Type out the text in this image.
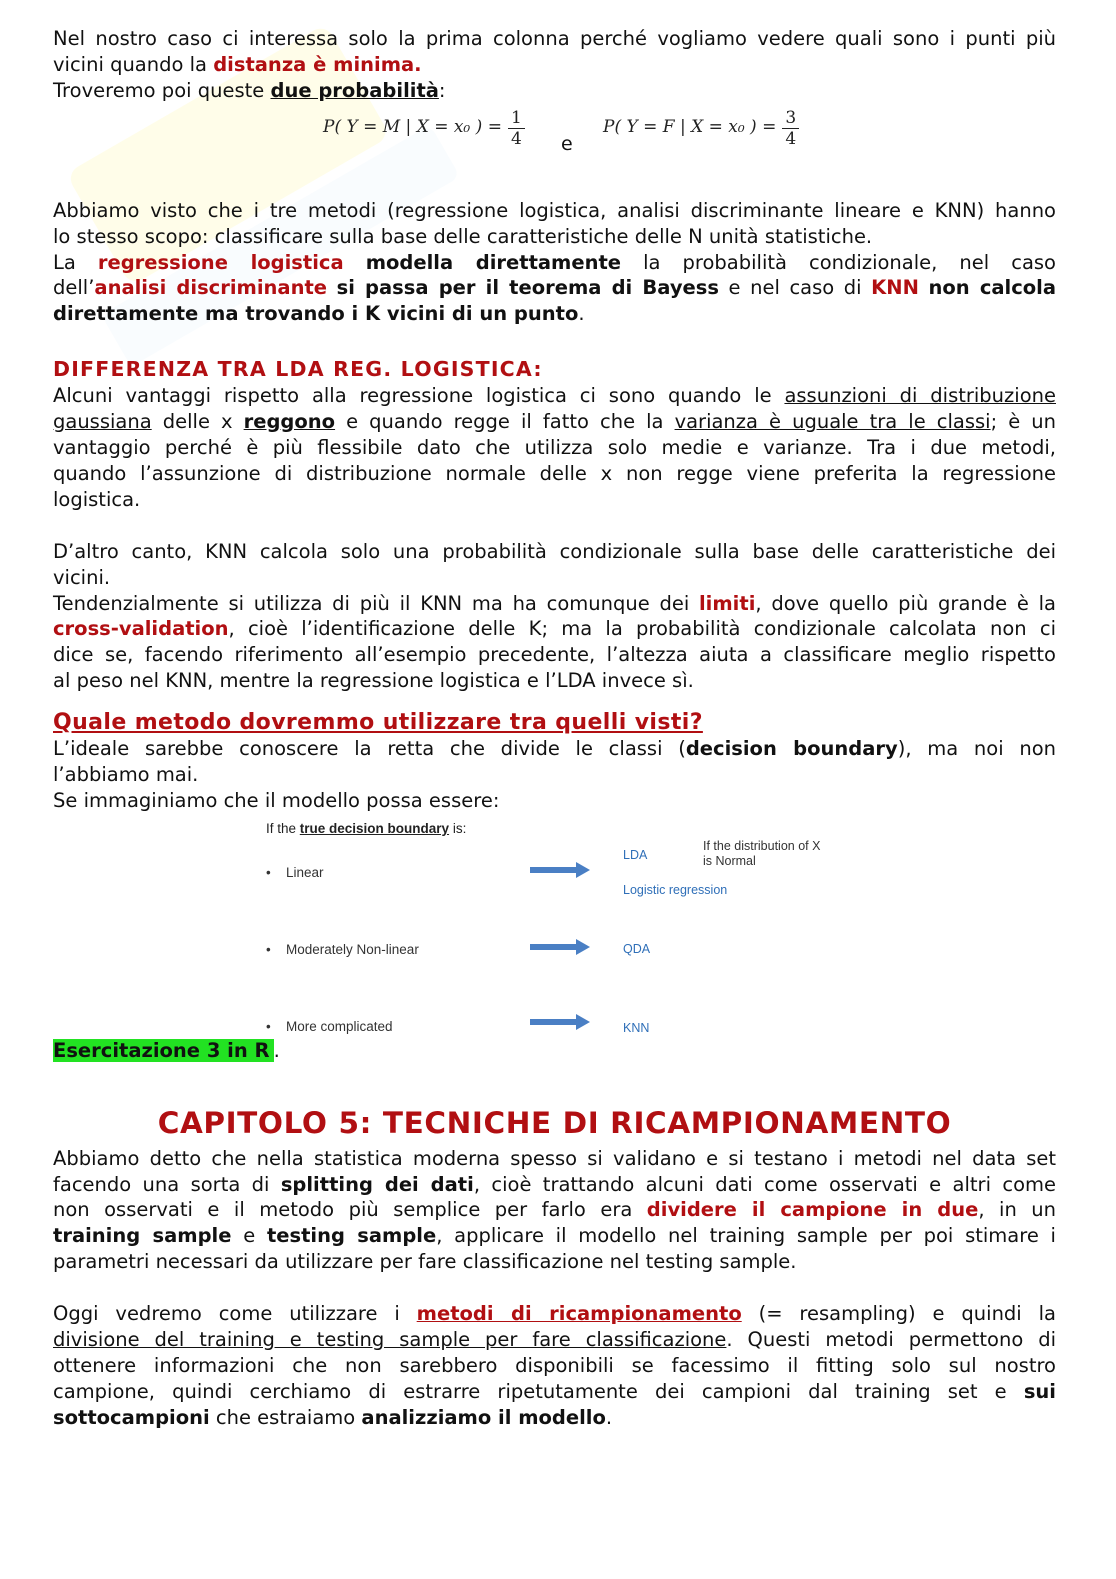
Nel nostro caso ci interessa solo la prima colonna perché vogliamo vedere quali sono i punti più

vicini quando la distanza è minima.

Troveremo poi queste due probabilità:

P( Y = M | X = x₀ ) = $\frac{1}{4}$ e
P( Y = F | X = x₀ ) = $\frac{3}{4}$

Abbiamo visto che i tre metodi (regressione logistica, analisi discriminante lineare e KNN) hanno

lo stesso scopo: classificare sulla base delle caratteristiche delle N unità statistiche.

La regressione logistica modella direttamente la probabilità condizionale, nel caso

dell’analisi discriminante si passa per il teorema di Bayess e nel caso di KNN non calcola

direttamente ma trovando i K vicini di un punto.

DIFFERENZA TRA LDA REG. LOGISTICA:

Alcuni vantaggi rispetto alla regressione logistica ci sono quando le assunzioni di distribuzione

gaussiana delle x reggono e quando regge il fatto che la varianza è uguale tra le classi; è un

vantaggio perché è più flessibile dato che utilizza solo medie e varianze. Tra i due metodi,

quando l’assunzione di distribuzione normale delle x non regge viene preferita la regressione

logistica.

D’altro canto, KNN calcola solo una probabilità condizionale sulla base delle caratteristiche dei

vicini.

Tendenzialmente si utilizza di più il KNN ma ha comunque dei limiti, dove quello più grande è la

cross-validation, cioè l’identificazione delle K; ma la probabilità condizionale calcolata non ci

dice se, facendo riferimento all’esempio precedente, l’altezza aiuta a classificare meglio rispetto

al peso nel KNN, mentre la regressione logistica e l’LDA invece sì.

Quale metodo dovremmo utilizzare tra quelli visti?

L’ideale sarebbe conoscere la retta che divide le classi (decision boundary), ma noi non

l’abbiamo mai.

Se immaginiamo che il modello possa essere:

If the true decision boundary is:
• Linear
• Moderately Non-linear
• More complicated
LDA
Logistic regression
QDA
KNN
If the distribution of X
is Normal

Esercitazione 3 in R .

CAPITOLO 5: TECNICHE DI RICAMPIONAMENTO

Abbiamo detto che nella statistica moderna spesso si validano e si testano i metodi nel data set

facendo una sorta di splitting dei dati, cioè trattando alcuni dati come osservati e altri come

non osservati e il metodo più semplice per farlo era dividere il campione in due, in un

training sample e testing sample, applicare il modello nel training sample per poi stimare i

parametri necessari da utilizzare per fare classificazione nel testing sample.

Oggi vedremo come utilizzare i metodi di ricampionamento (= resampling) e quindi la

divisione del training e testing sample per fare classificazione. Questi metodi permettono di

ottenere informazioni che non sarebbero disponibili se facessimo il fitting solo sul nostro

campione, quindi cerchiamo di estrarre ripetutamente dei campioni dal training set e sui

sottocampioni che estraiamo analizziamo il modello.
